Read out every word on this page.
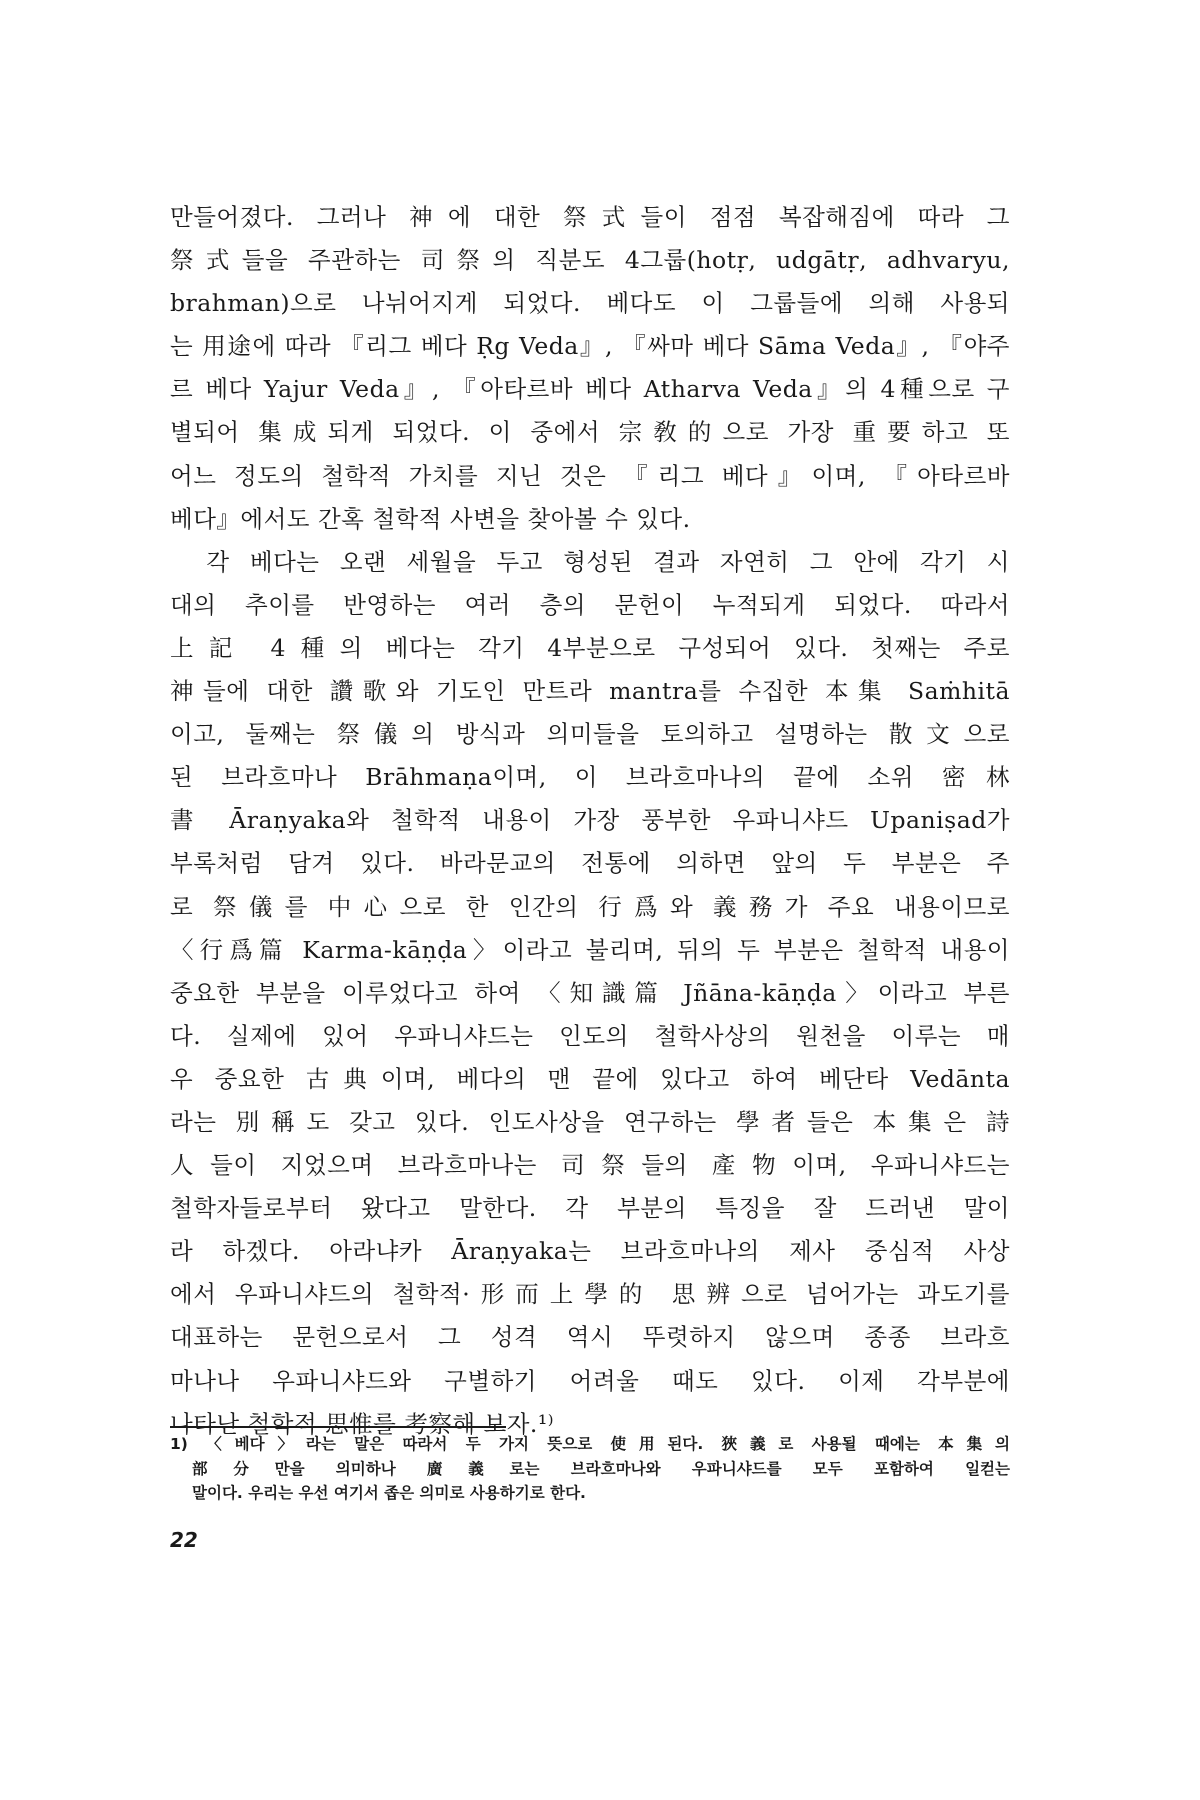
만들어졌다. 그러나 神에 대한 祭式들이 점점 복잡해짐에 따라 그
祭式들을 주관하는 司祭의 직분도 4그룹(hotṛ, udgātṛ, adhvaryu,
brahman)으로 나뉘어지게 되었다. 베다도 이 그룹들에 의해 사용되
는 用途에 따라 『리그 베다 Ṛg Veda』, 『싸마 베다 Sāma Veda』, 『야주
르 베다 Yajur Veda』, 『아타르바 베다 Atharva Veda』의 4種으로 구
별되어 集成되게 되었다. 이 중에서 宗敎的으로 가장 重要하고 또
어느 정도의 철학적 가치를 지닌 것은 『리그 베다』이며, 『아타르바
베다』에서도 간혹 철학적 사변을 찾아볼 수 있다.
　각 베다는 오랜 세월을 두고 형성된 결과 자연히 그 안에 각기 시
대의 추이를 반영하는 여러 층의 문헌이 누적되게 되었다. 따라서
上記 4種의 베다는 각기 4부분으로 구성되어 있다. 첫째는 주로
神들에 대한 讚歌와 기도인 만트라 mantra를 수집한 本集 Saṁhitā
이고, 둘째는 祭儀의 방식과 의미들을 토의하고 설명하는 散文으로
된 브라흐마나 Brāhmaṇa이며, 이 브라흐마나의 끝에 소위 密林
書 Āraṇyaka와 철학적 내용이 가장 풍부한 우파니샤드 Upaniṣad가
부록처럼 담겨 있다. 바라문교의 전통에 의하면 앞의 두 부분은 주
로 祭儀를 中心으로 한 인간의 行爲와 義務가 주요 내용이므로
〈行爲篇 Karma-kāṇḍa〉이라고 불리며, 뒤의 두 부분은 철학적 내용이
중요한 부분을 이루었다고 하여 〈知識篇 Jñāna-kāṇḍa〉이라고 부른
다. 실제에 있어 우파니샤드는 인도의 철학사상의 원천을 이루는 매
우 중요한 古典이며, 베다의 맨 끝에 있다고 하여 베단타 Vedānta
라는 別稱도 갖고 있다. 인도사상을 연구하는 學者들은 本集은 詩
人들이 지었으며 브라흐마나는 司祭들의 產物이며, 우파니샤드는
철학자들로부터 왔다고 말한다. 각 부분의 특징을 잘 드러낸 말이
라 하겠다. 아라냐카 Āraṇyaka는 브라흐마나의 제사 중심적 사상
에서 우파니샤드의 철학적·形而上學的 思辨으로 넘어가는 과도기를
대표하는 문헌으로서 그 성격 역시 뚜렷하지 않으며 종종 브라흐
마나나 우파니샤드와 구별하기 어려울 때도 있다. 이제 각부분에
나타난 철학적 思惟를 考察해 보자.¹⁾
1) 〈베다〉라는 말은 따라서 두 가지 뜻으로 使用된다. 狹義로 사용될 때에는 本集의
部分만을 의미하나 廣義로는 브라흐마나와 우파니샤드를 모두 포함하여 일컫는
말이다. 우리는 우선 여기서 좁은 의미로 사용하기로 한다.
22
